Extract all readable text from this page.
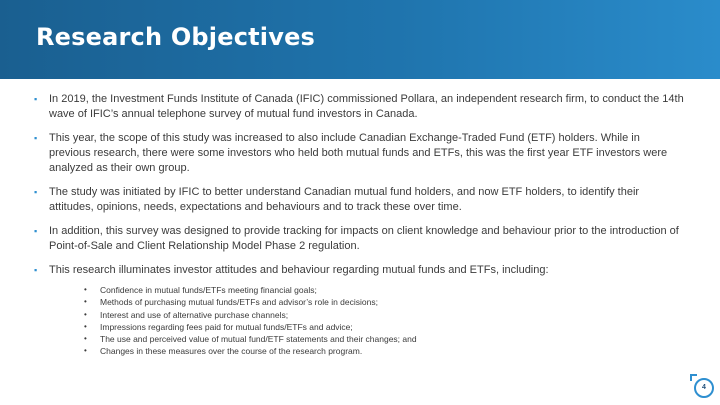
Research Objectives
▪	In 2019, the Investment Funds Institute of Canada (IFIC) commissioned Pollara, an independent research firm, to conduct the 14th wave of IFIC’s annual telephone survey of mutual fund investors in Canada.
▪	This year, the scope of this study was increased to also include Canadian Exchange-Traded Fund (ETF) holders. While in previous research, there were some investors who held both mutual funds and ETFs, this was the first year ETF investors were analyzed as their own group.
▪	The study was initiated by IFIC to better understand Canadian mutual fund holders, and now ETF holders, to identify their attitudes, opinions, needs, expectations and behaviours and to track these over time.
▪	In addition, this survey was designed to provide tracking for impacts on client knowledge and behaviour prior to the introduction of Point-of-Sale and Client Relationship Model Phase 2 regulation.
▪	This research illuminates investor attitudes and behaviour regarding mutual funds and ETFs, including:
•	Confidence in mutual funds/ETFs meeting financial goals;
•	Methods of purchasing mutual funds/ETFs and advisor’s role in decisions;
•	Interest and use of alternative purchase channels;
•	Impressions regarding fees paid for mutual funds/ETFs and advice;
•	The use and perceived value of mutual fund/ETF statements and their changes; and
•	Changes in these measures over the course of the research program.
4
